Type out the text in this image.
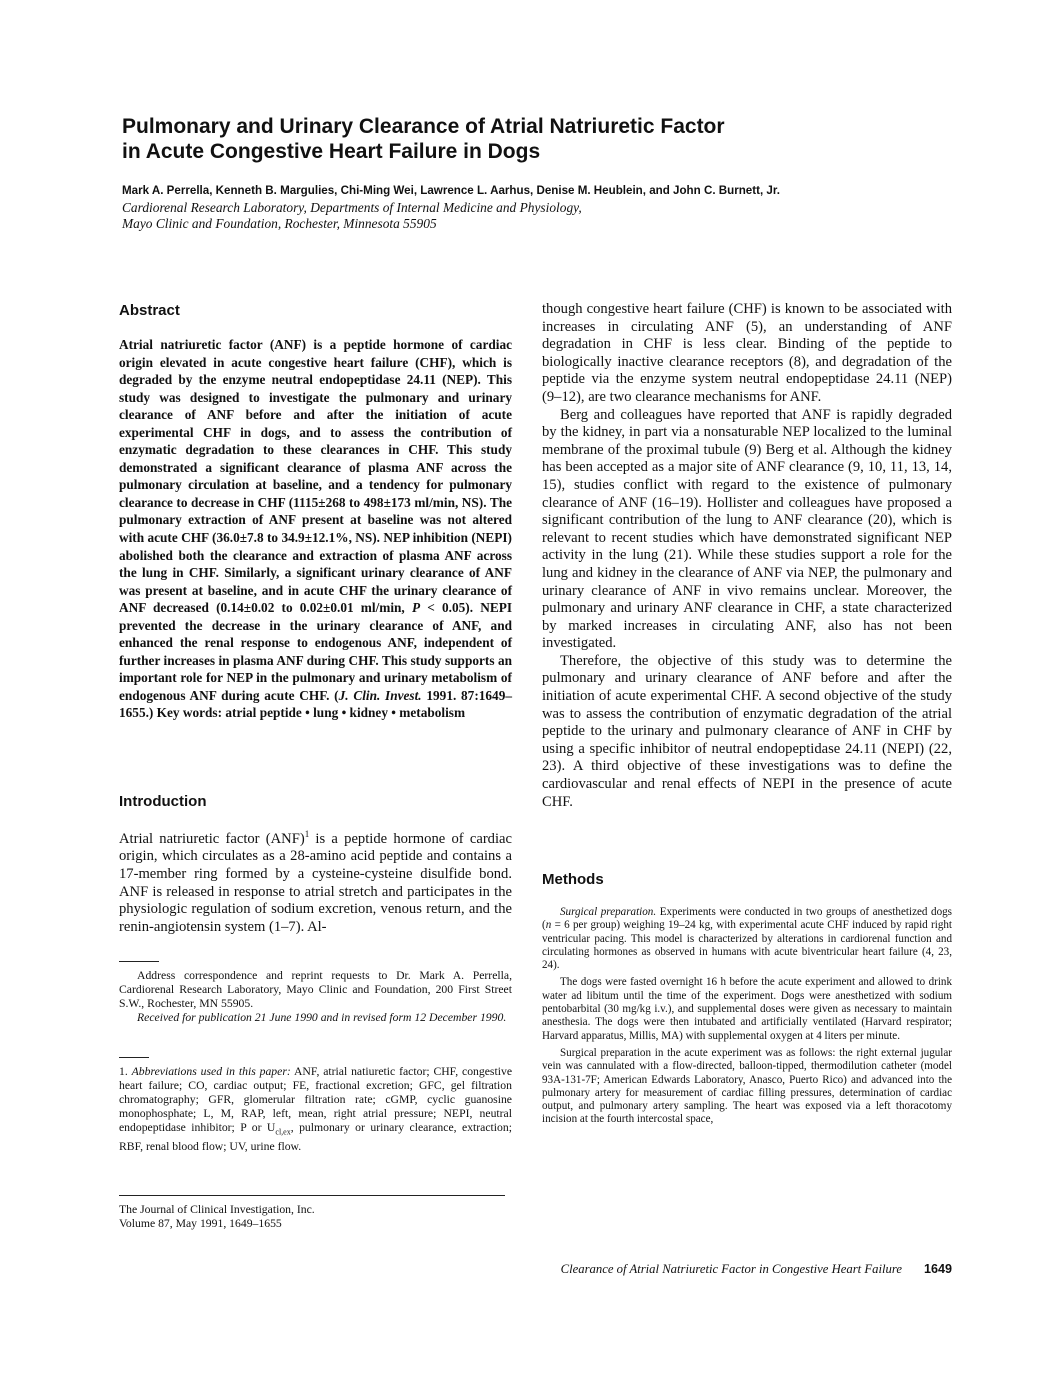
Pulmonary and Urinary Clearance of Atrial Natriuretic Factor
in Acute Congestive Heart Failure in Dogs
Mark A. Perrella, Kenneth B. Margulies, Chi-Ming Wei, Lawrence L. Aarhus, Denise M. Heublein, and John C. Burnett, Jr.
Cardiorenal Research Laboratory, Departments of Internal Medicine and Physiology,
Mayo Clinic and Foundation, Rochester, Minnesota 55905
Abstract

Atrial natriuretic factor (ANF) is a peptide hormone of cardiac origin elevated in acute congestive heart failure (CHF), which is degraded by the enzyme neutral endopeptidase 24.11 (NEP). This study was designed to investigate the pulmonary and urinary clearance of ANF before and after the initiation of acute experimental CHF in dogs, and to assess the contribution of enzymatic degradation to these clearances in CHF. This study demonstrated a significant clearance of plasma ANF across the pulmonary circulation at baseline, and a tendency for pulmonary clearance to decrease in CHF (1115±268 to 498±173 ml/min, NS). The pulmonary extraction of ANF present at baseline was not altered with acute CHF (36.0±7.8 to 34.9±12.1%, NS). NEP inhibition (NEPI) abolished both the clearance and extraction of plasma ANF across the lung in CHF. Similarly, a significant urinary clearance of ANF was present at baseline, and in acute CHF the urinary clearance of ANF decreased (0.14±0.02 to 0.02±0.01 ml/min, P < 0.05). NEPI prevented the decrease in the urinary clearance of ANF, and enhanced the renal response to endogenous ANF, independent of further increases in plasma ANF during CHF. This study supports an important role for NEP in the pulmonary and urinary metabolism of endogenous ANF during acute CHF. (J. Clin. Invest. 1991. 87:1649–1655.) Key words: atrial peptide • lung • kidney • metabolism

Introduction

Atrial natriuretic factor (ANF)$^1$ is a peptide hormone of cardiac origin, which circulates as a 28-amino acid peptide and contains a 17-member ring formed by a cysteine-cysteine disulfide bond. ANF is released in response to atrial stretch and participates in the physiologic regulation of sodium excretion, venous return, and the renin-angiotensin system (1–7). Al-

Address correspondence and reprint requests to Dr. Mark A. Perrella, Cardiorenal Research Laboratory, Mayo Clinic and Foundation, 200 First Street S.W., Rochester, MN 55905.

Received for publication 21 June 1990 and in revised form 12 December 1990.

1. Abbreviations used in this paper: ANF, atrial natiuretic factor; CHF, congestive heart failure; CO, cardiac output; FE, fractional excretion; GFC, gel filtration chromatography; GFR, glomerular filtration rate; cGMP, cyclic guanosine monophosphate; L, M, RAP, left, mean, right atrial pressure; NEPI, neutral endopeptidase inhibitor; P or $U_{cl,ex}$, pulmonary or urinary clearance, extraction; RBF, renal blood flow; UV, urine flow.

The Journal of Clinical Investigation, Inc.
Volume 87, May 1991, 1649–1655

though congestive heart failure (CHF) is known to be associated with increases in circulating ANF (5), an understanding of ANF degradation in CHF is less clear. Binding of the peptide to biologically inactive clearance receptors (8), and degradation of the peptide via the enzyme system neutral endopeptidase 24.11 (NEP) (9–12), are two clearance mechanisms for ANF.

Berg and colleagues have reported that ANF is rapidly degraded by the kidney, in part via a nonsaturable NEP localized to the luminal membrane of the proximal tubule (9) Berg et al. Although the kidney has been accepted as a major site of ANF clearance (9, 10, 11, 13, 14, 15), studies conflict with regard to the existence of pulmonary clearance of ANF (16–19). Hollister and colleagues have proposed a significant contribution of the lung to ANF clearance (20), which is relevant to recent studies which have demonstrated significant NEP activity in the lung (21). While these studies support a role for the lung and kidney in the clearance of ANF via NEP, the pulmonary and urinary clearance of ANF in vivo remains unclear. Moreover, the pulmonary and urinary ANF clearance in CHF, a state characterized by marked increases in circulating ANF, also has not been investigated.

Therefore, the objective of this study was to determine the pulmonary and urinary clearance of ANF before and after the initiation of acute experimental CHF. A second objective of the study was to assess the contribution of enzymatic degradation of the atrial peptide to the urinary and pulmonary clearance of ANF in CHF by using a specific inhibitor of neutral endopeptidase 24.11 (NEPI) (22, 23). A third objective of these investigations was to define the cardiovascular and renal effects of NEPI in the presence of acute CHF.

Methods

Surgical preparation. Experiments were conducted in two groups of anesthetized dogs (n = 6 per group) weighing 19–24 kg, with experimental acute CHF induced by rapid right ventricular pacing. This model is characterized by alterations in cardiorenal function and circulating hormones as observed in humans with acute biventricular heart failure (4, 23, 24).

The dogs were fasted overnight 16 h before the acute experiment and allowed to drink water ad libitum until the time of the experiment. Dogs were anesthetized with sodium pentobarbital (30 mg/kg i.v.), and supplemental doses were given as necessary to maintain anesthesia. The dogs were then intubated and artificially ventilated (Harvard respirator; Harvard apparatus, Millis, MA) with supplemental oxygen at 4 liters per minute.

Surgical preparation in the acute experiment was as follows: the right external jugular vein was cannulated with a flow-directed, balloon-tipped, thermodilution catheter (model 93A-131-7F; American Edwards Laboratory, Anasco, Puerto Rico) and advanced into the pulmonary artery for measurement of cardiac filling pressures, determination of cardiac output, and pulmonary artery sampling. The heart was exposed via a left thoracotomy incision at the fourth intercostal space,

Clearance of Atrial Natriuretic Factor in Congestive Heart Failure 1649
